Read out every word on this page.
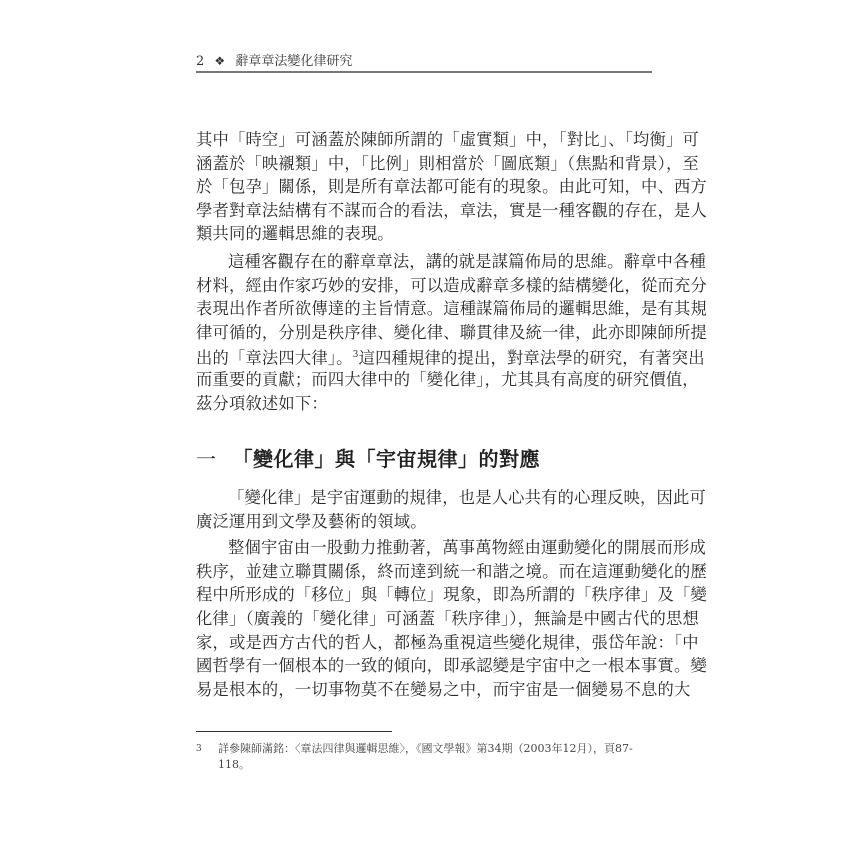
2 ❖ 辭章章法變化律研究
其中「時空」可涵蓋於陳師所謂的「虛實類」中，「對比」、「均衡」可
涵蓋於「映襯類」中，「比例」則相當於「圖底類」（焦點和背景），至
於「包孕」關係，則是所有章法都可能有的現象。由此可知，中、西方
學者對章法結構有不謀而合的看法，章法，實是一種客觀的存在，是人
類共同的邏輯思維的表現。
這種客觀存在的辭章章法，講的就是謀篇佈局的思維。辭章中各種
材料，經由作家巧妙的安排，可以造成辭章多樣的結構變化，從而充分
表現出作者所欲傳達的主旨情意。這種謀篇佈局的邏輯思維，是有其規
律可循的，分別是秩序律、變化律、聯貫律及統一律，此亦即陳師所提
出的「章法四大律」。$^3$這四種規律的提出，對章法學的研究，有著突出
而重要的貢獻；而四大律中的「變化律」，尤其具有高度的研究價值，
茲分項敘述如下：
一 「變化律」與「宇宙規律」的對應
「變化律」是宇宙運動的規律，也是人心共有的心理反映，因此可
廣泛運用到文學及藝術的領域。
整個宇宙由一股動力推動著，萬事萬物經由運動變化的開展而形成
秩序，並建立聯貫關係，終而達到統一和諧之境。而在這運動變化的歷
程中所形成的「移位」與「轉位」現象，即為所謂的「秩序律」及「變
化律」（廣義的「變化律」可涵蓋「秩序律」），無論是中國古代的思想
家，或是西方古代的哲人，都極為重視這些變化規律，張岱年說：「中
國哲學有一個根本的一致的傾向，即承認變是宇宙中之一根本事實。變
易是根本的，一切事物莫不在變易之中，而宇宙是一個變易不息的大
3 詳參陳師滿銘：〈章法四律與邏輯思維〉，《國文學報》第34期（2003年12月），頁87-
118。
